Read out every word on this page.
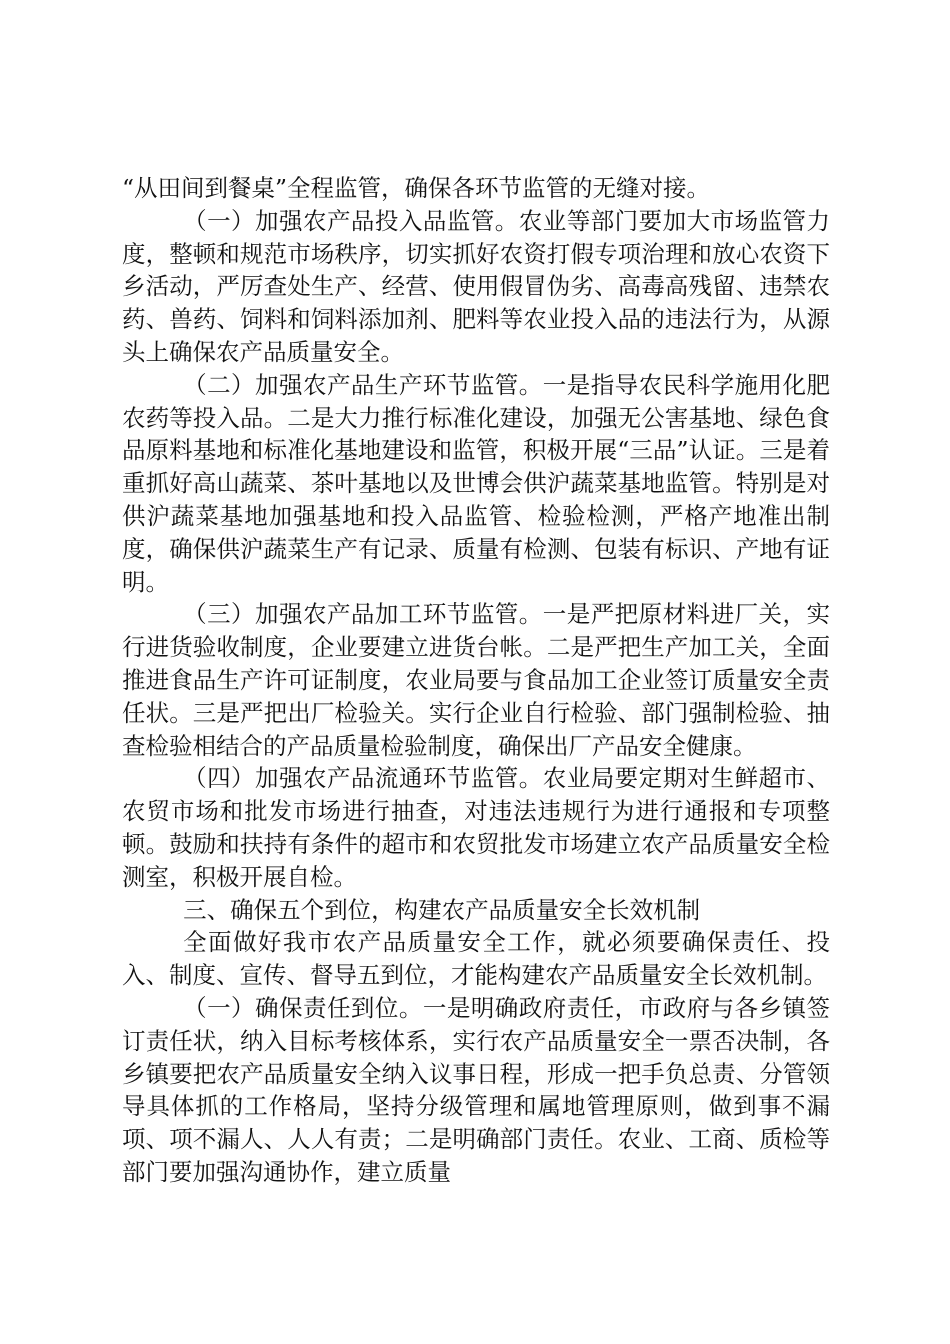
“从田间到餐桌”全程监管，确保各环节监管的无缝对接。

（一）加强农产品投入品监管。农业等部门要加大市场监管力度，整顿和规范市场秩序，切实抓好农资打假专项治理和放心农资下乡活动，严厉查处生产、经营、使用假冒伪劣、高毒高残留、违禁农药、兽药、饲料和饲料添加剂、肥料等农业投入品的违法行为，从源头上确保农产品质量安全。

（二）加强农产品生产环节监管。一是指导农民科学施用化肥农药等投入品。二是大力推行标准化建设，加强无公害基地、绿色食品原料基地和标准化基地建设和监管，积极开展“三品”认证。三是着重抓好高山蔬菜、茶叶基地以及世博会供沪蔬菜基地监管。特别是对供沪蔬菜基地加强基地和投入品监管、检验检测，严格产地准出制度，确保供沪蔬菜生产有记录、质量有检测、包装有标识、产地有证明。

（三）加强农产品加工环节监管。一是严把原材料进厂关，实行进货验收制度，企业要建立进货台帐。二是严把生产加工关，全面推进食品生产许可证制度，农业局要与食品加工企业签订质量安全责任状。三是严把出厂检验关。实行企业自行检验、部门强制检验、抽查检验相结合的产品质量检验制度，确保出厂产品安全健康。

（四）加强农产品流通环节监管。农业局要定期对生鲜超市、农贸市场和批发市场进行抽查，对违法违规行为进行通报和专项整顿。鼓励和扶持有条件的超市和农贸批发市场建立农产品质量安全检测室，积极开展自检。

三、确保五个到位，构建农产品质量安全长效机制

全面做好我市农产品质量安全工作，就必须要确保责任、投入、制度、宣传、督导五到位，才能构建农产品质量安全长效机制。

（一）确保责任到位。一是明确政府责任，市政府与各乡镇签订责任状，纳入目标考核体系，实行农产品质量安全一票否决制，各乡镇要把农产品质量安全纳入议事日程，形成一把手负总责、分管领导具体抓的工作格局，坚持分级管理和属地管理原则，做到事不漏项、项不漏人、人人有责；二是明确部门责任。农业、工商、质检等部门要加强沟通协作，建立质量
